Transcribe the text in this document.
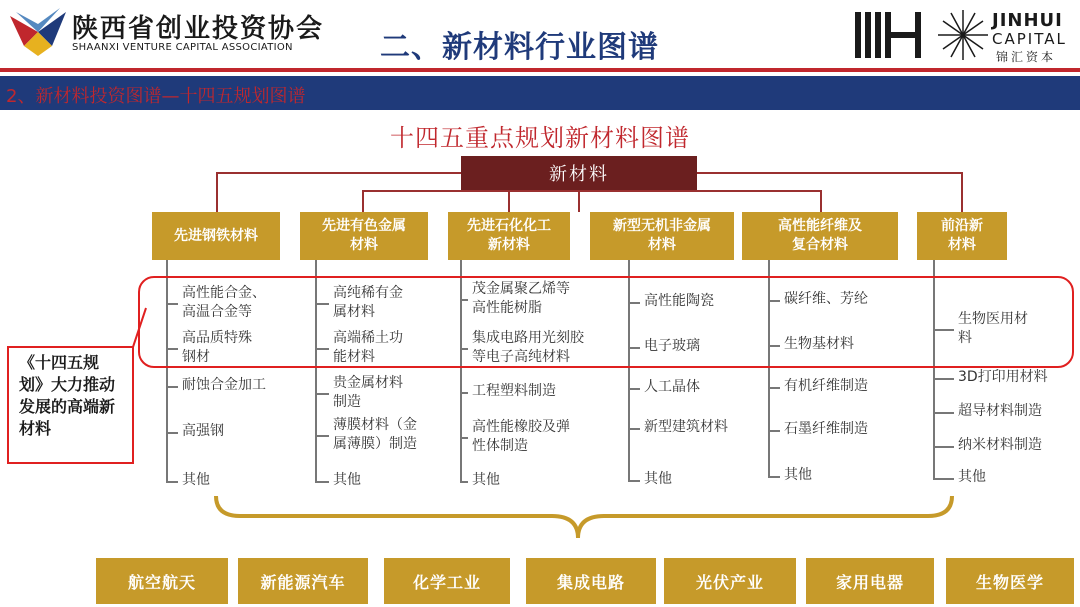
陕西省创业投资协会
SHAANXI VENTURE CAPITAL ASSOCIATION	二、新材料行业图谱
JINHUI
CAPITAL
锦汇资本
2、新材料投资图谱—十四五规划图谱
十四五重点规划新材料图谱
新材料
先进钢铁材料
高性能合金、
高温合金等
高品质特殊
钢材
耐蚀合金加工
高强钢
其他
先进有色金属
材料
高纯稀有金
属材料
高端稀土功
能材料
贵金属材料
制造
薄膜材料（金
属薄膜）制造
其他
先进石化化工
新材料
茂金属聚乙烯等
高性能树脂
集成电路用光刻胶
等电子高纯材料
工程塑料制造
高性能橡胶及弹
性体制造
其他
新型无机非金属
材料
高性能陶瓷
电子玻璃
人工晶体
新型建筑材料
其他
高性能纤维及
复合材料
碳纤维、芳纶
生物基材料
有机纤维制造
石墨纤维制造
其他
前沿新
材料
生物医用材
料
3D打印用材料
超导材料制造
纳米材料制造
其他
《十四五规划》大力推动发展的高端新材料
航空航天	新能源汽车	化学工业	集成电路	光伏产业	家用电器	生物医学
